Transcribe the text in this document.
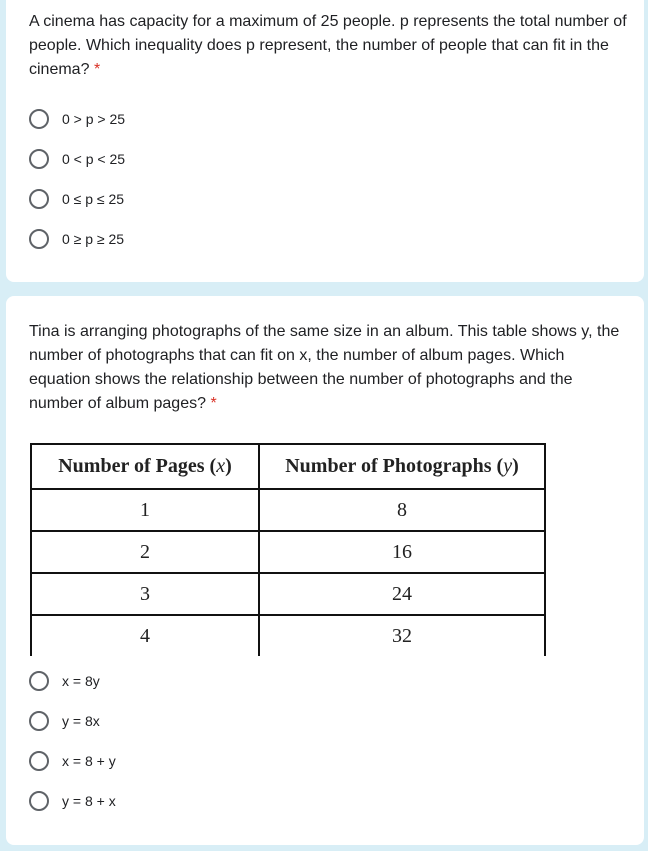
A cinema has capacity for a maximum of 25 people. p represents the total number of people. Which inequality does p represent, the number of people that can fit in the cinema? *

0 > p > 25
0 < p < 25
0 ≤ p ≤ 25
0 ≥ p ≥ 25

Tina is arranging photographs of the same size in an album. This table shows y, the number of photographs that can fit on x, the number of album pages. Which equation shows the relationship between the number of photographs and the number of album pages? *

Number of Pages (x)	Number of Photographs (y)
1	8
2	16
3	24
4	32
x = 8y
y = 8x
x = 8 + y
y = 8 + x
